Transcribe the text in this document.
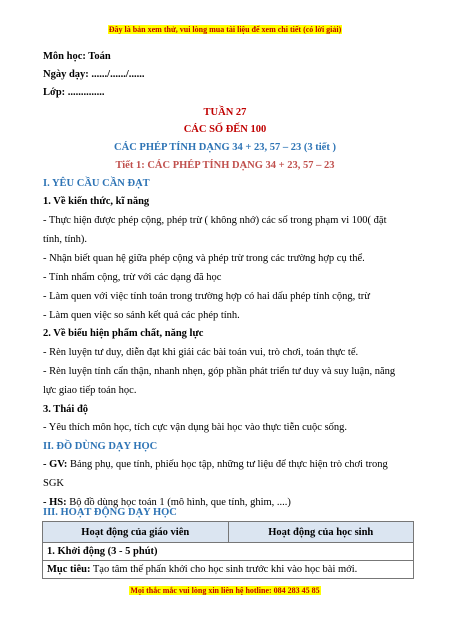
Đây là bản xem thử, vui lòng mua tài liệu để xem chi tiết (có lời giải)
Môn học: Toán
Ngày dạy: ....../....../......
Lớp: ..............
TUẦN 27
CÁC SỐ ĐẾN 100
CÁC PHÉP TÍNH DẠNG 34 + 23, 57 – 23 (3 tiết )
Tiết 1: CÁC PHÉP TÍNH DẠNG 34 + 23, 57 – 23
I. YÊU CẦU CẦN ĐẠT
1. Về kiến thức, kĩ năng
- Thực hiện được phép cộng, phép trừ ( không nhớ) các số trong phạm vi 100( đặt
tính, tính).
- Nhận biết quan hệ giữa phép cộng và phép trừ trong các trường hợp cụ thể.
- Tính nhẩm cộng, trừ với các dạng đã học
- Làm quen với việc tính toán trong trường hợp có hai dấu phép tính cộng, trừ
- Làm quen việc so sánh kết quả các phép tính.
2. Về biểu hiện phẩm chất, năng lực
- Rèn luyện tư duy, diễn đạt khi giải các bài toán vui, trò chơi, toán thực tế.
- Rèn luyện tính cẩn thận, nhanh nhẹn, góp phần phát triển tư duy và suy luận, năng
lực giao tiếp toán học.
3. Thái độ
- Yêu thích môn học, tích cực vận dụng bài học vào thực tiễn cuộc sống.
II. ĐỒ DÙNG DẠY HỌC
- GV: Bảng phụ, que tính, phiếu học tập, những tư liệu để thực hiện trò chơi trong
SGK
- HS: Bộ đồ dùng học toán 1 (mô hình, que tính, ghim, ....)
III. HOẠT ĐỘNG DẠY HỌC
Hoạt động của giáo viên	Hoạt động của học sinh
1. Khởi động (3 - 5 phút)
Mục tiêu: Tạo tâm thế phấn khởi cho học sinh trước khi vào học bài mới.
Mọi thắc mắc vui lòng xin liên hệ hotline: 084 283 45 85
